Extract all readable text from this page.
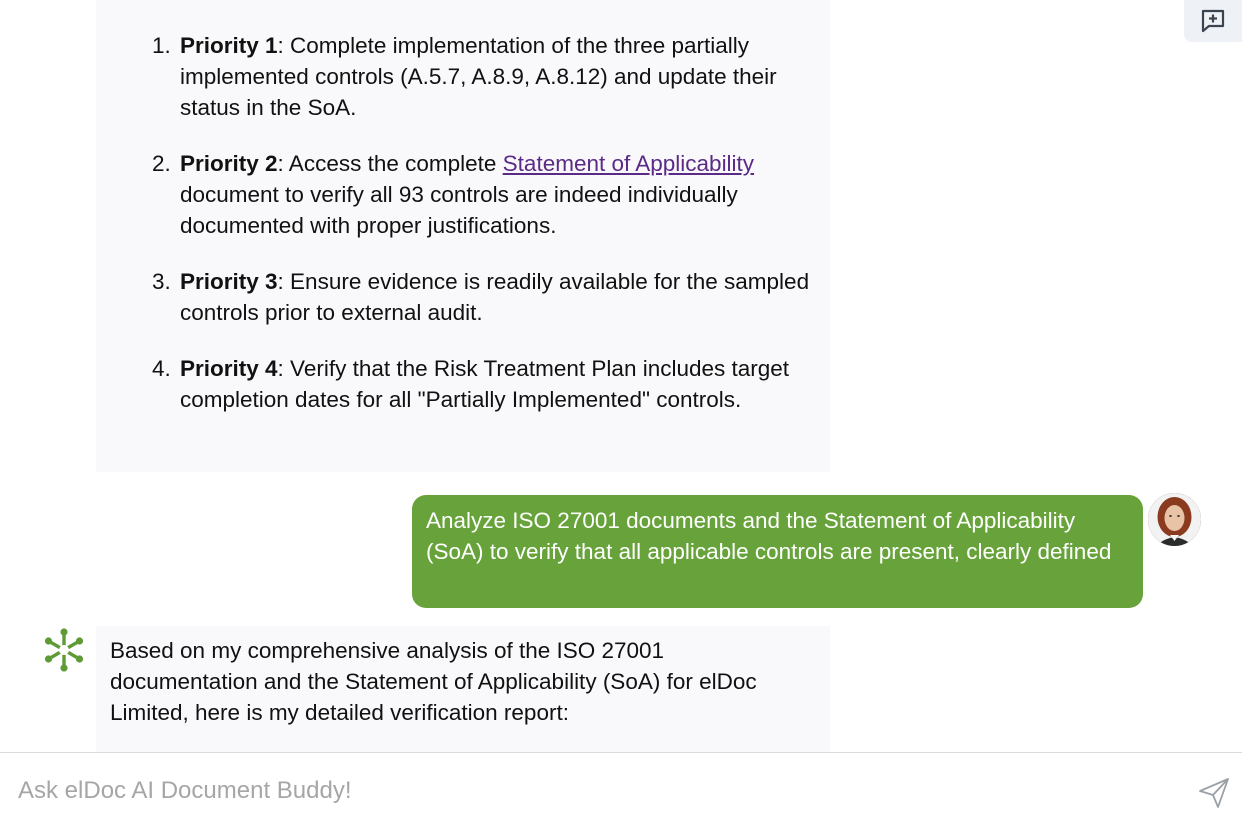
1. Priority 1: Complete implementation of the three partially implemented controls (A.5.7, A.8.9, A.8.12) and update their status in the SoA.
2. Priority 2: Access the complete Statement of Applicability document to verify all 93 controls are indeed individually documented with proper justifications.
3. Priority 3: Ensure evidence is readily available for the sampled controls prior to external audit.
4. Priority 4: Verify that the Risk Treatment Plan includes target completion dates for all "Partially Implemented" controls.
Analyze ISO 27001 documents and the Statement of Applicability (SoA) to verify that all applicable controls are present, clearly defined
Based on my comprehensive analysis of the ISO 27001 documentation and the Statement of Applicability (SoA) for elDoc Limited, here is my detailed verification report:
Ask elDoc AI Document Buddy!
